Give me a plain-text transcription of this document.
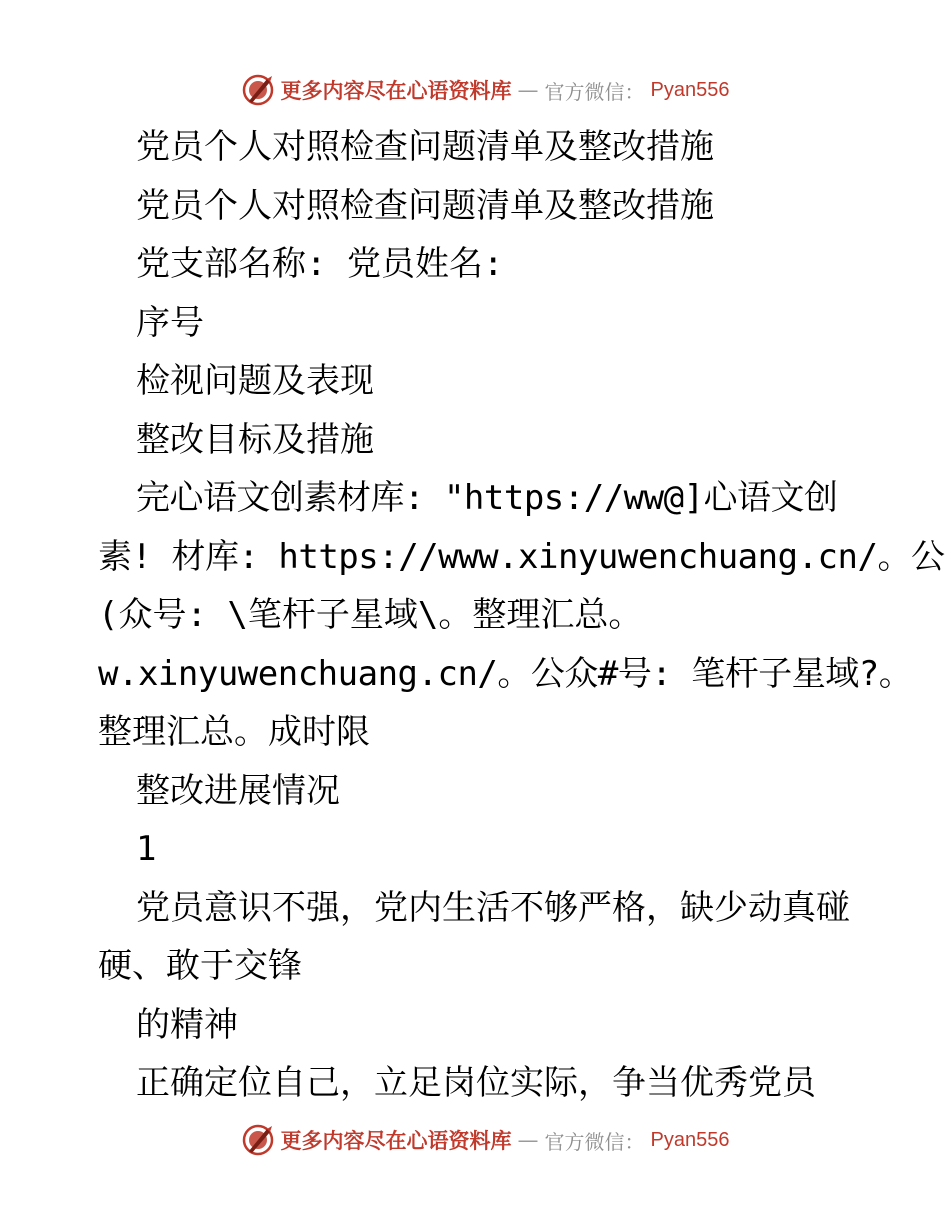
更多内容尽在心语资料库 — 官方微信： Pyan556
党员个人对照检查问题清单及整改措施
党员个人对照检查问题清单及整改措施
党支部名称: 党员姓名:
序号
检视问题及表现
整改目标及措施
完心语文创素材库: "https://ww@]心语文创
素! 材库: https://www.xinyuwenchuang.cn/。公
(众号: \笔杆子星域\。整理汇总。
w.xinyuwenchuang.cn/。公众#号: 笔杆子星域?。
整理汇总。成时限
整改进展情况
1
党员意识不强，党内生活不够严格，缺少动真碰
硬、敢于交锋
的精神
正确定位自己，立足岗位实际，争当优秀党员
更多内容尽在心语资料库 — 官方微信： Pyan556
